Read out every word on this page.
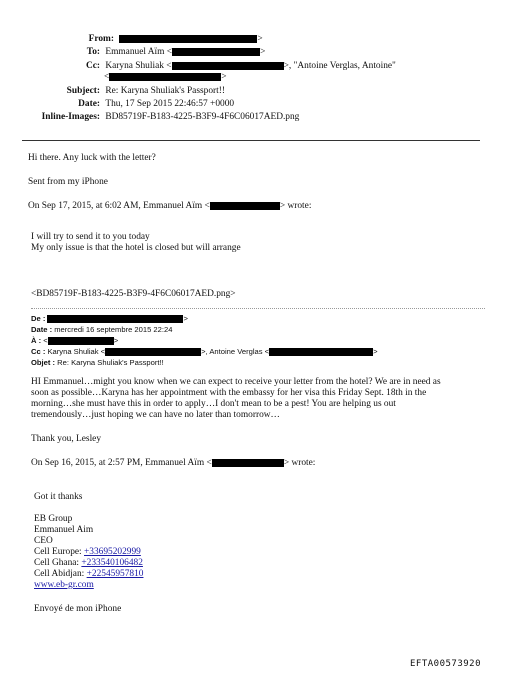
From:	>
To: Emmanuel Aïm <	>
Cc: Karyna Shuliak <	>, "Antoine Verglas, Antoine"
<	>
Subject: Re: Karyna Shuliak's Passport!!
Date: Thu, 17 Sep 2015 22:46:57 +0000
Inline-Images: BD85719F-B183-4225-B3F9-4F6C06017AED.png
Hi there. Any luck with the letter?
Sent from my iPhone
On Sep 17, 2015, at 6:02 AM, Emmanuel Aïm <	> wrote:
I will try to send it to you today
My only issue is that the hotel is closed but will arrange
<BD85719F-B183-4225-B3F9-4F6C06017AED.png>
De :	>
Date : mercredi 16 septembre 2015 22:24
À : <	>
Cc : Karyna Shuliak <	>, Antoine Verglas <	>
Objet : Re: Karyna Shuliak's Passport!!
HI Emmanuel…might you know when we can expect to receive your letter from the hotel? We are in need as
soon as possible…Karyna has her appointment with the embassy for her visa this Friday Sept. 18th in the
morning…she must have this in order to apply…I don't mean to be a pest! You are helping us out
tremendously…just hoping we can have no later than tomorrow…
Thank you, Lesley
On Sep 16, 2015, at 2:57 PM, Emmanuel Aïm <	> wrote:
Got it thanks
EB Group
Emmanuel Aim
CEO
Cell Europe: +33695202999
Cell Ghana: +233540106482
Cell Abidjan: +22545957810
www.eb-gr.com
Envoyé de mon iPhone
EFTA00573920
